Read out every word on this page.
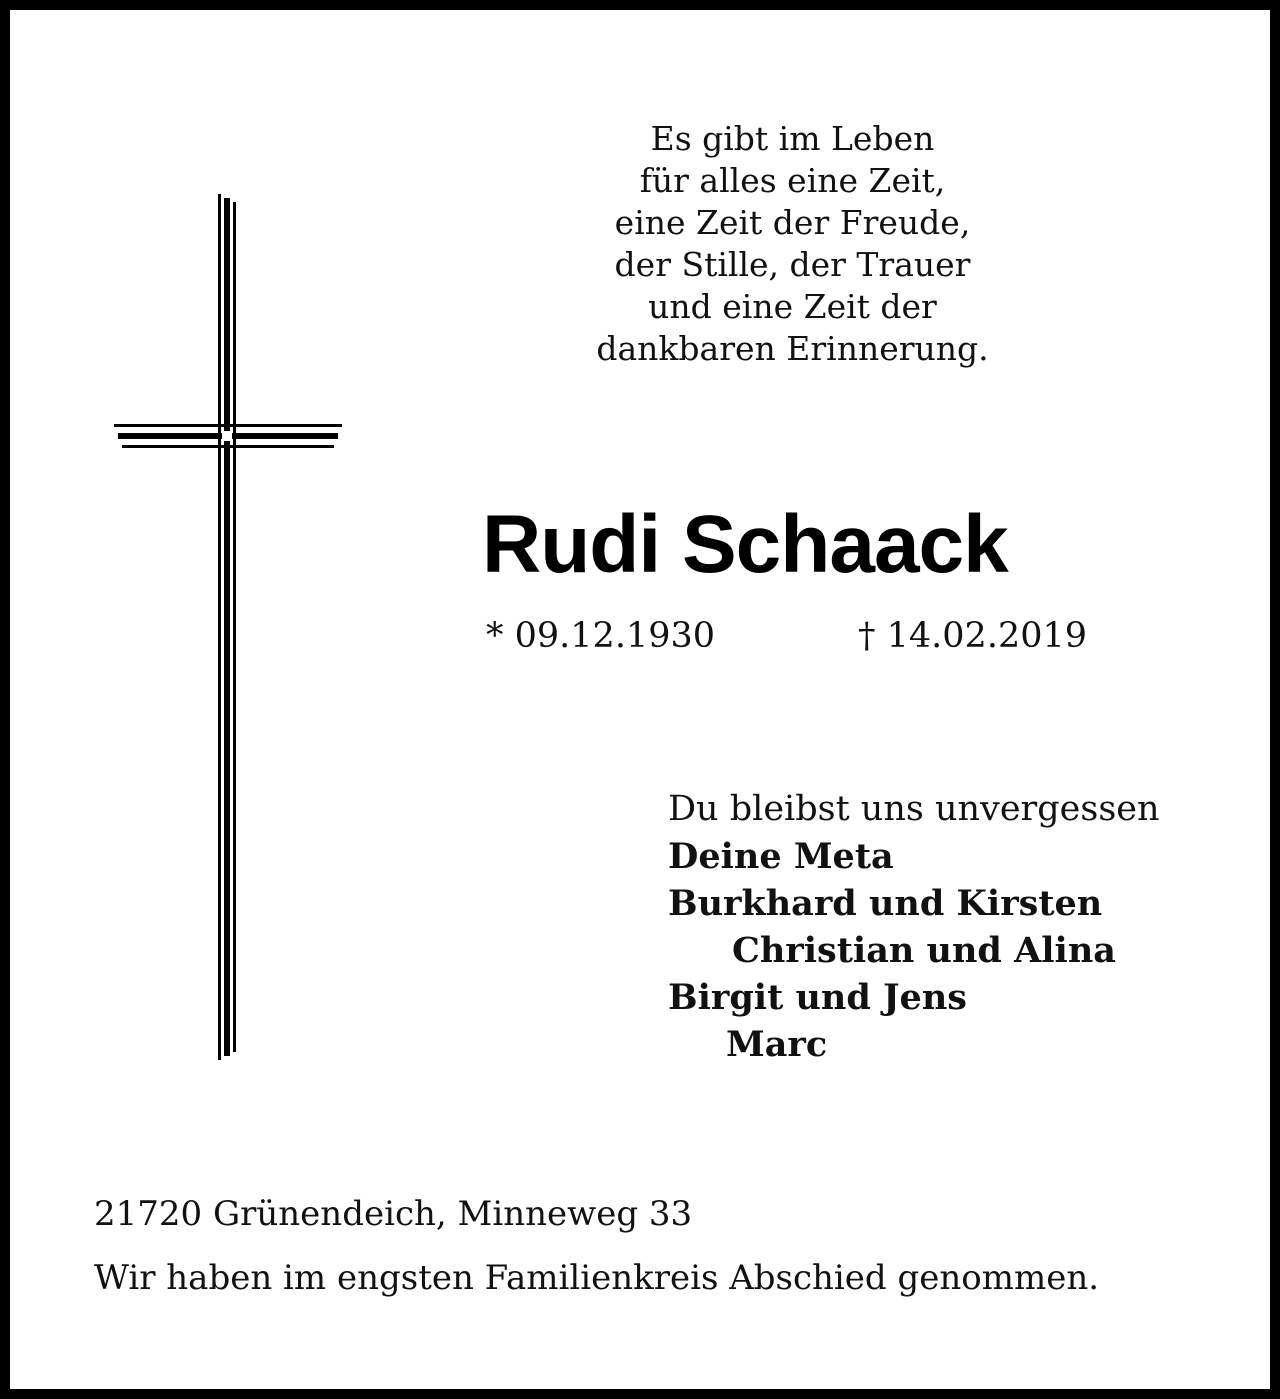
Es gibt im Leben
für alles eine Zeit,
eine Zeit der Freude,
der Stille, der Trauer
und eine Zeit der
dankbaren Erinnerung.
Rudi Schaack
* 09.12.1930	† 14.02.2019
Du bleibst uns unvergessen
Deine Meta
Burkhard und Kirsten
Christian und Alina
Birgit und Jens
Marc
21720 Grünendeich, Minneweg 33
Wir haben im engsten Familienkreis Abschied genommen.
